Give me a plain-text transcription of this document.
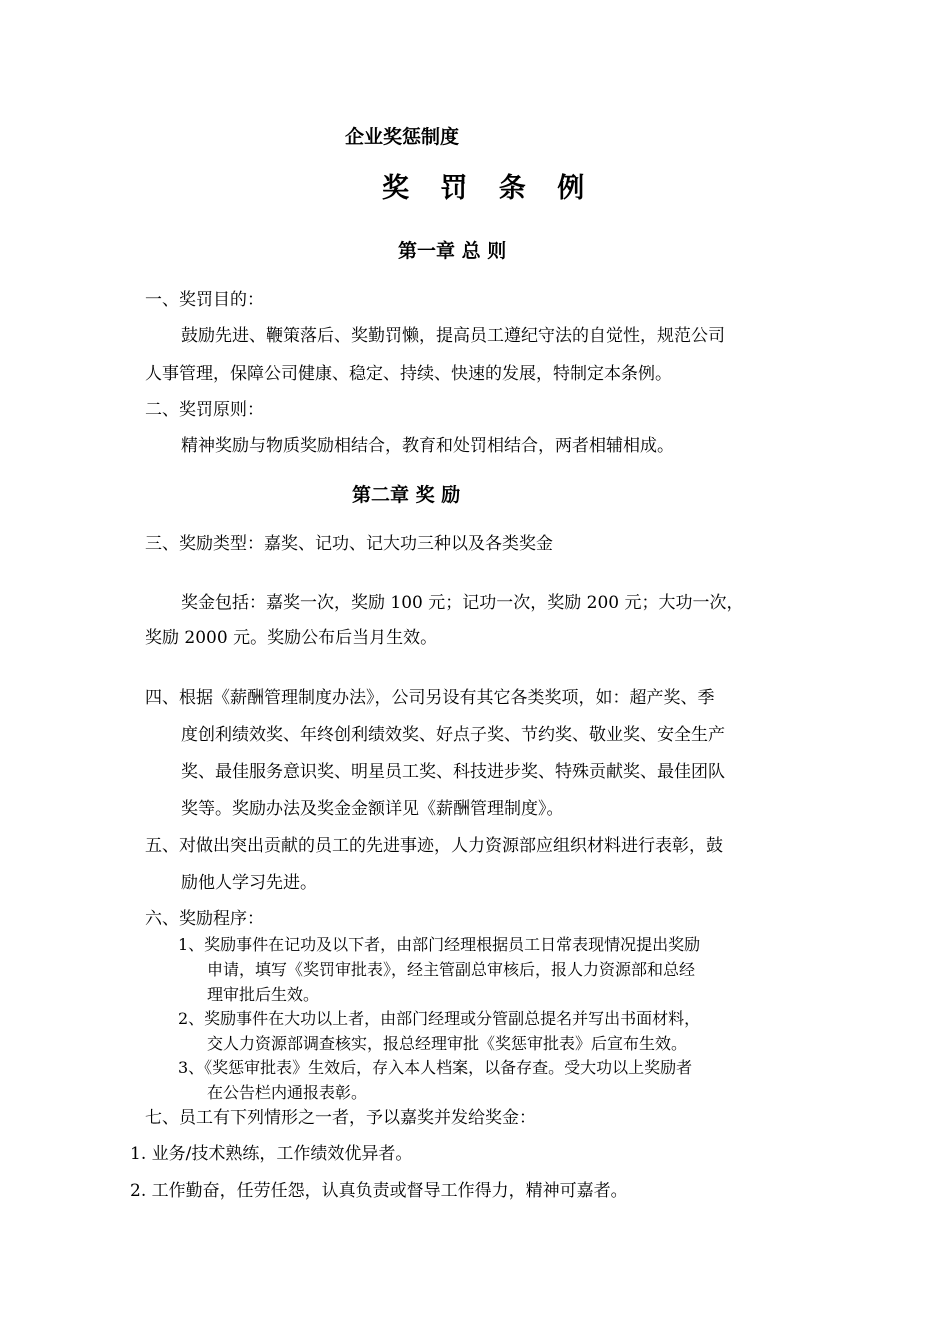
企业奖惩制度
奖 罚 条 例
第一章 总 则
一、奖罚目的：
鼓励先进、鞭策落后、奖勤罚懒，提高员工遵纪守法的自觉性，规范公司
人事管理，保障公司健康、稳定、持续、快速的发展，特制定本条例。
二、奖罚原则：
精神奖励与物质奖励相结合，教育和处罚相结合，两者相辅相成。
第二章 奖 励
三、奖励类型：嘉奖、记功、记大功三种以及各类奖金
奖金包括：嘉奖一次，奖励 100 元；记功一次，奖励 200 元；大功一次，
奖励 2000 元。奖励公布后当月生效。
四、根据《薪酬管理制度办法》，公司另设有其它各类奖项，如：超产奖、季
度创利绩效奖、年终创利绩效奖、好点子奖、节约奖、敬业奖、安全生产
奖、最佳服务意识奖、明星员工奖、科技进步奖、特殊贡献奖、最佳团队
奖等。奖励办法及奖金金额详见《薪酬管理制度》。
五、对做出突出贡献的员工的先进事迹，人力资源部应组织材料进行表彰，鼓
励他人学习先进。
六、奖励程序：
1、奖励事件在记功及以下者，由部门经理根据员工日常表现情况提出奖励
申请，填写《奖罚审批表》，经主管副总审核后，报人力资源部和总经
理审批后生效。
2、奖励事件在大功以上者，由部门经理或分管副总提名并写出书面材料，
交人力资源部调查核实，报总经理审批《奖惩审批表》后宣布生效。
3、《奖惩审批表》生效后，存入本人档案，以备存查。受大功以上奖励者
在公告栏内通报表彰。
七、员工有下列情形之一者，予以嘉奖并发给奖金：
1. 业务/技术熟练，工作绩效优异者。
2. 工作勤奋，任劳任怨，认真负责或督导工作得力，精神可嘉者。
